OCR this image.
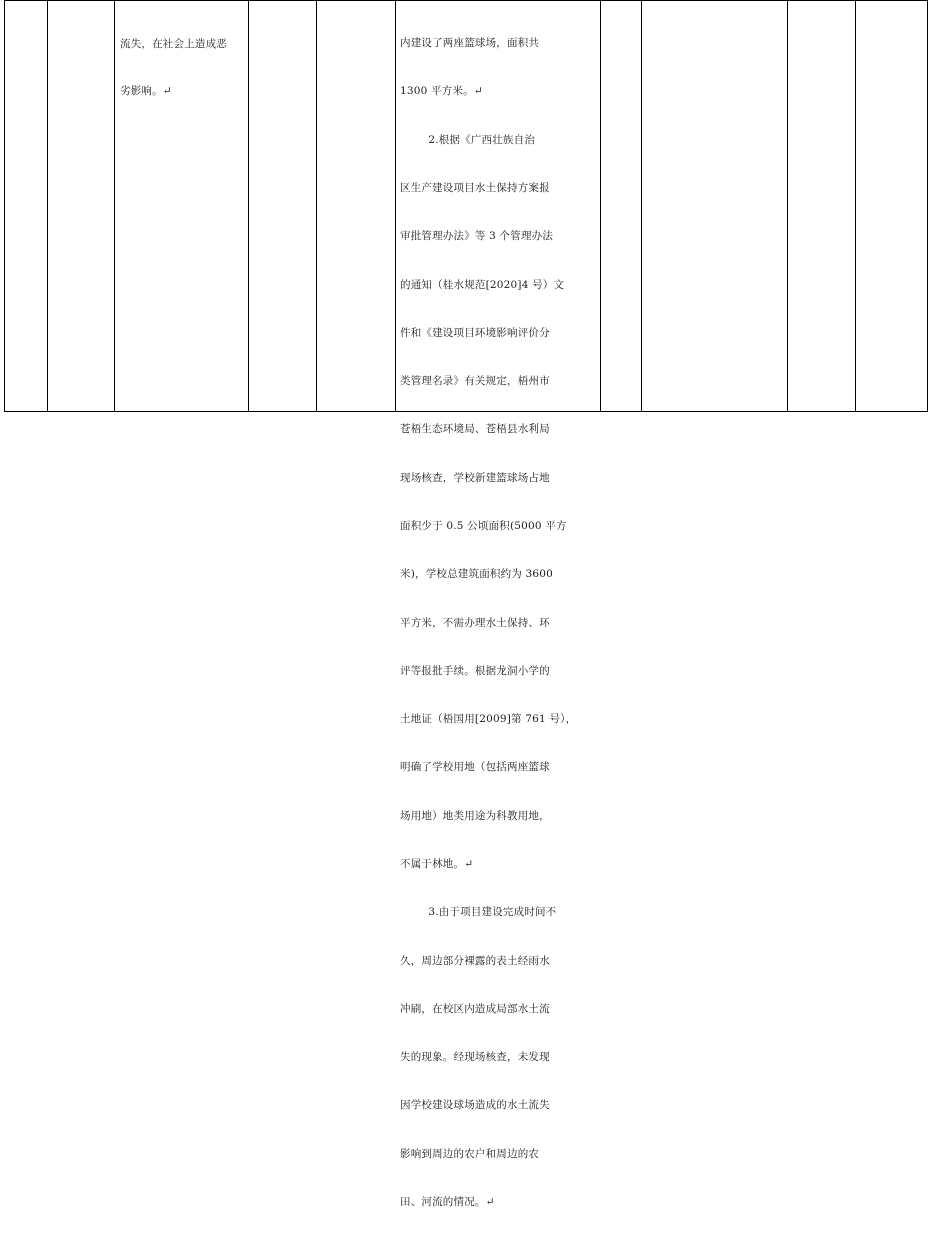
流失，在社会上造成恶

劣影响。↵

内建设了两座篮球场，面积共

1300 平方米。↵

2.根据《广西壮族自治

区生产建设项目水土保持方案报

审批管理办法》等 3 个管理办法

的通知（桂水规范[2020]4 号）文

件和《建设项目环境影响评价分

类管理名录》有关规定，梧州市

苍梧生态环境局、苍梧县水利局

现场核查，学校新建篮球场占地

面积少于 0.5 公顷面积(5000 平方

米)，学校总建筑面积约为 3600

平方米，不需办理水土保持、环

评等报批手续。根据龙洞小学的

土地证（梧国用[2009]第 761 号），

明确了学校用地（包括两座篮球

场用地）地类用途为科教用地，

不属于林地。↵

3.由于项目建设完成时间不

久，周边部分裸露的表土经雨水

冲刷，在校区内造成局部水土流

失的现象。经现场核查，未发现

因学校建设球场造成的水土流失

影响到周边的农户和周边的农

田、河流的情况。↵
